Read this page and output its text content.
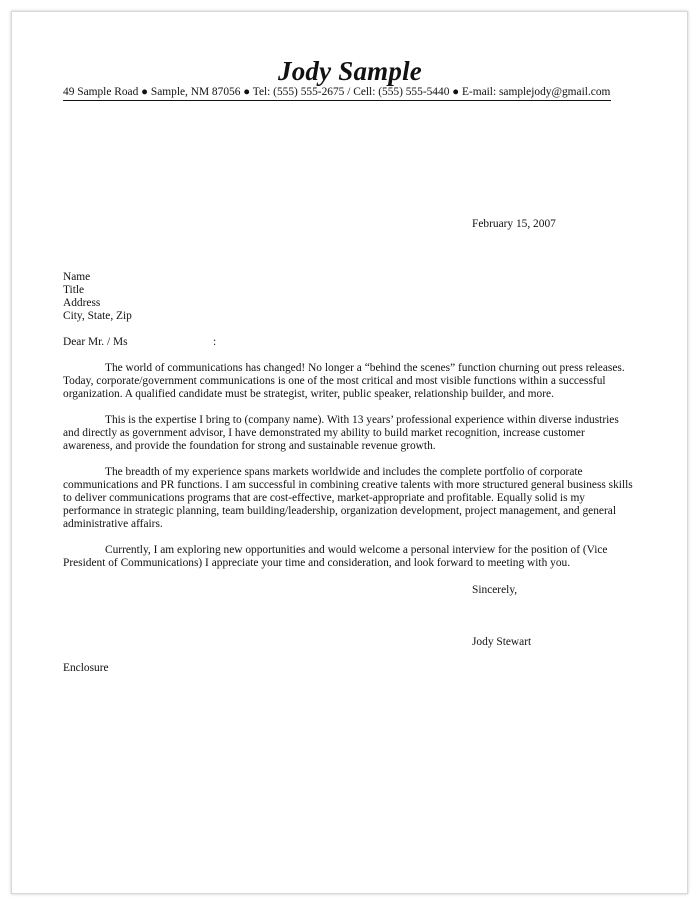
Jody Sample
49 Sample Road ● Sample, NM 87056 ● Tel: (555) 555-2675 / Cell: (555) 555-5440 ● E-mail: samplejody@gmail.com
February 15, 2007
Name
Title
Address
City, State, Zip
Dear Mr. / Ms                              :
The world of communications has changed! No longer a “behind the scenes” function churning out press releases.
Today, corporate/government communications is one of the most critical and most visible functions within a successful
organization. A qualified candidate must be strategist, writer, public speaker, relationship builder, and more.
This is the expertise I bring to (company name). With 13 years’ professional experience within diverse industries
and directly as government advisor, I have demonstrated my ability to build market recognition, increase customer
awareness, and provide the foundation for strong and sustainable revenue growth.
The breadth of my experience spans markets worldwide and includes the complete portfolio of corporate
communications and PR functions. I am successful in combining creative talents with more structured general business skills
to deliver communications programs that are cost-effective, market-appropriate and profitable. Equally solid is my
performance in strategic planning, team building/leadership, organization development, project management, and general
administrative affairs.
Currently, I am exploring new opportunities and would welcome a personal interview for the position of (Vice
President of Communications) I appreciate your time and consideration, and look forward to meeting with you.
Sincerely,
Jody Stewart
Enclosure
